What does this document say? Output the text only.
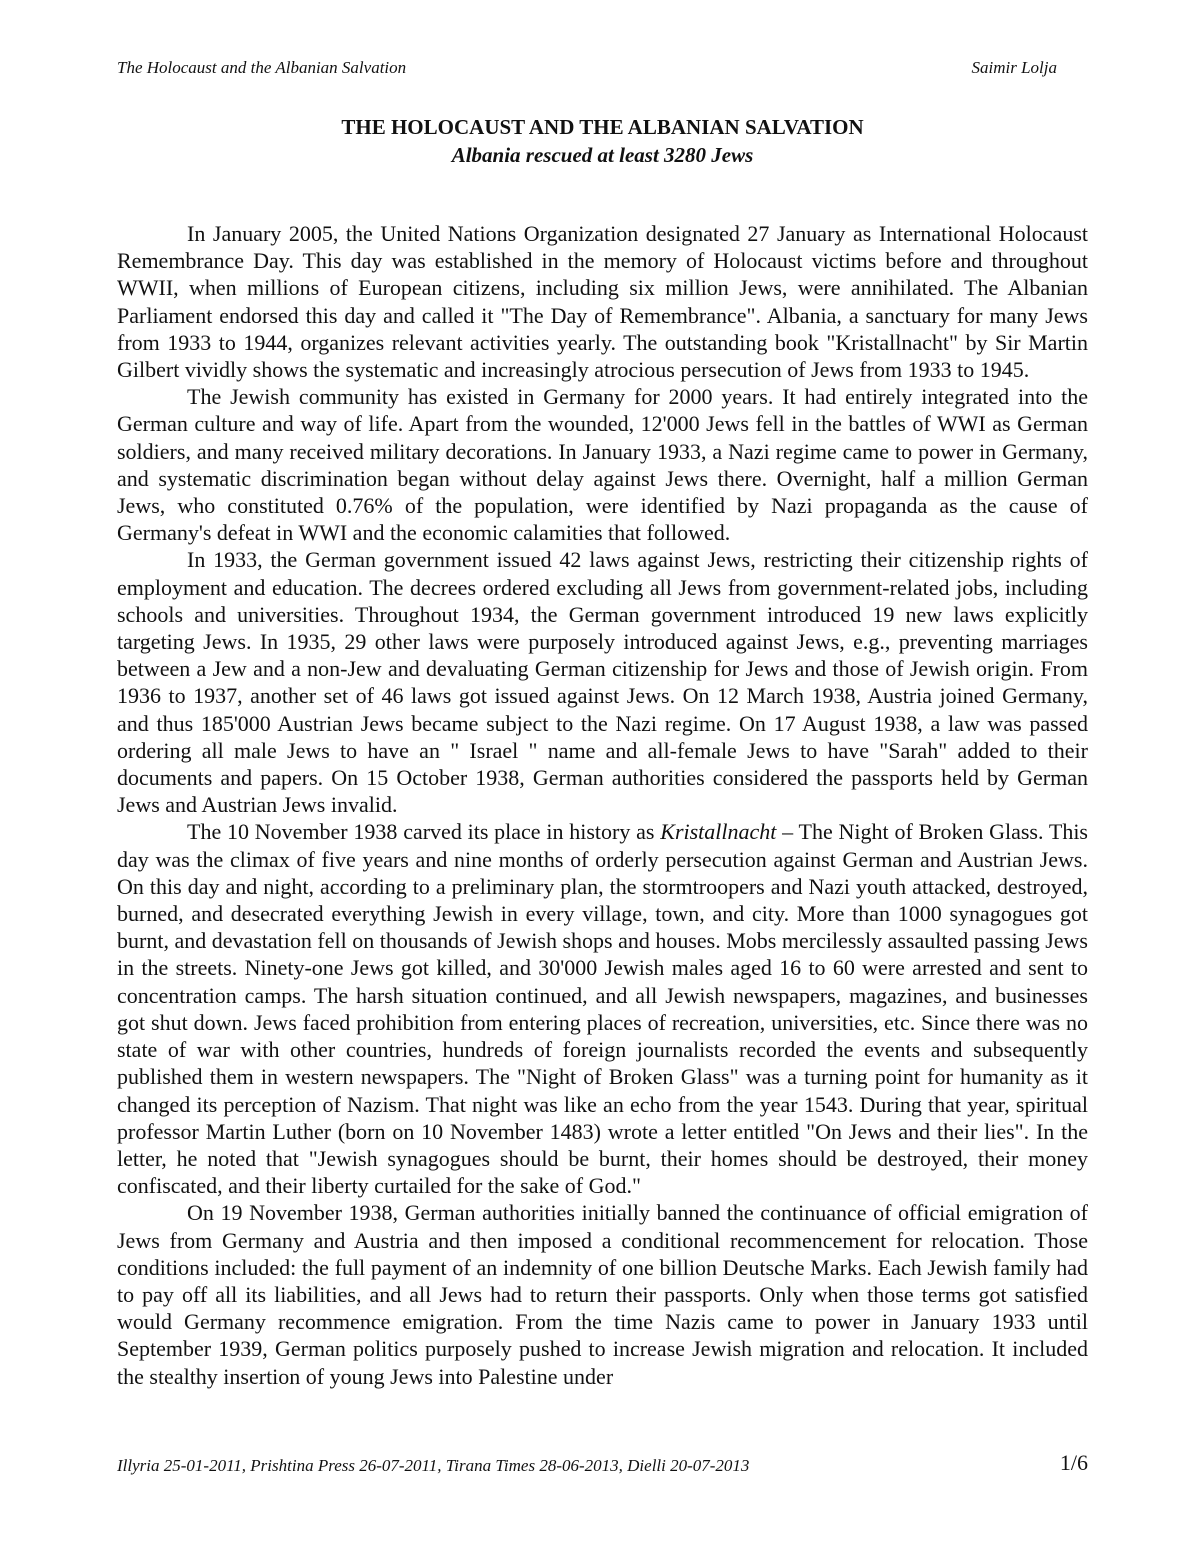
The Holocaust and the Albanian Salvation	Saimir Lolja
THE HOLOCAUST AND THE ALBANIAN SALVATION
Albania rescued at least 3280 Jews

In January 2005, the United Nations Organization designated 27 January as International Holocaust Remembrance Day. This day was established in the memory of Holocaust victims before and throughout WWII, when millions of European citizens, including six million Jews, were annihilated. The Albanian Parliament endorsed this day and called it "The Day of Remembrance". Albania, a sanctuary for many Jews from 1933 to 1944, organizes relevant activities yearly. The outstanding book "Kristallnacht" by Sir Martin Gilbert vividly shows the systematic and increasingly atrocious persecution of Jews from 1933 to 1945.

The Jewish community has existed in Germany for 2000 years. It had entirely integrated into the German culture and way of life. Apart from the wounded, 12'000 Jews fell in the battles of WWI as German soldiers, and many received military decorations. In January 1933, a Nazi regime came to power in Germany, and systematic discrimination began without delay against Jews there. Overnight, half a million German Jews, who constituted 0.76% of the population, were identified by Nazi propaganda as the cause of Germany's defeat in WWI and the economic calamities that followed.

In 1933, the German government issued 42 laws against Jews, restricting their citizenship rights of employment and education. The decrees ordered excluding all Jews from government-related jobs, including schools and universities. Throughout 1934, the German government introduced 19 new laws explicitly targeting Jews. In 1935, 29 other laws were purposely introduced against Jews, e.g., preventing marriages between a Jew and a non-Jew and devaluating German citizenship for Jews and those of Jewish origin. From 1936 to 1937, another set of 46 laws got issued against Jews. On 12 March 1938, Austria joined Germany, and thus 185'000 Austrian Jews became subject to the Nazi regime. On 17 August 1938, a law was passed ordering all male Jews to have an " Israel " name and all-female Jews to have "Sarah" added to their documents and papers. On 15 October 1938, German authorities considered the passports held by German Jews and Austrian Jews invalid.

The 10 November 1938 carved its place in history as Kristallnacht – The Night of Broken Glass. This day was the climax of five years and nine months of orderly persecution against German and Austrian Jews. On this day and night, according to a preliminary plan, the stormtroopers and Nazi youth attacked, destroyed, burned, and desecrated everything Jewish in every village, town, and city. More than 1000 synagogues got burnt, and devastation fell on thousands of Jewish shops and houses. Mobs mercilessly assaulted passing Jews in the streets. Ninety-one Jews got killed, and 30'000 Jewish males aged 16 to 60 were arrested and sent to concentration camps. The harsh situation continued, and all Jewish newspapers, magazines, and businesses got shut down. Jews faced prohibition from entering places of recreation, universities, etc. Since there was no state of war with other countries, hundreds of foreign journalists recorded the events and subsequently published them in western newspapers. The "Night of Broken Glass" was a turning point for humanity as it changed its perception of Nazism. That night was like an echo from the year 1543. During that year, spiritual professor Martin Luther (born on 10 November 1483) wrote a letter entitled "On Jews and their lies". In the letter, he noted that "Jewish synagogues should be burnt, their homes should be destroyed, their money confiscated, and their liberty curtailed for the sake of God."

On 19 November 1938, German authorities initially banned the continuance of official emigration of Jews from Germany and Austria and then imposed a conditional recommencement for relocation. Those conditions included: the full payment of an indemnity of one billion Deutsche Marks. Each Jewish family had to pay off all its liabilities, and all Jews had to return their passports. Only when those terms got satisfied would Germany recommence emigration. From the time Nazis came to power in January 1933 until September 1939, German politics purposely pushed to increase Jewish migration and relocation. It included the stealthy insertion of young Jews into Palestine under

Illyria 25-01-2011, Prishtina Press 26-07-2011, Tirana Times 28-06-2013, Dielli 20-07-2013	1/6
